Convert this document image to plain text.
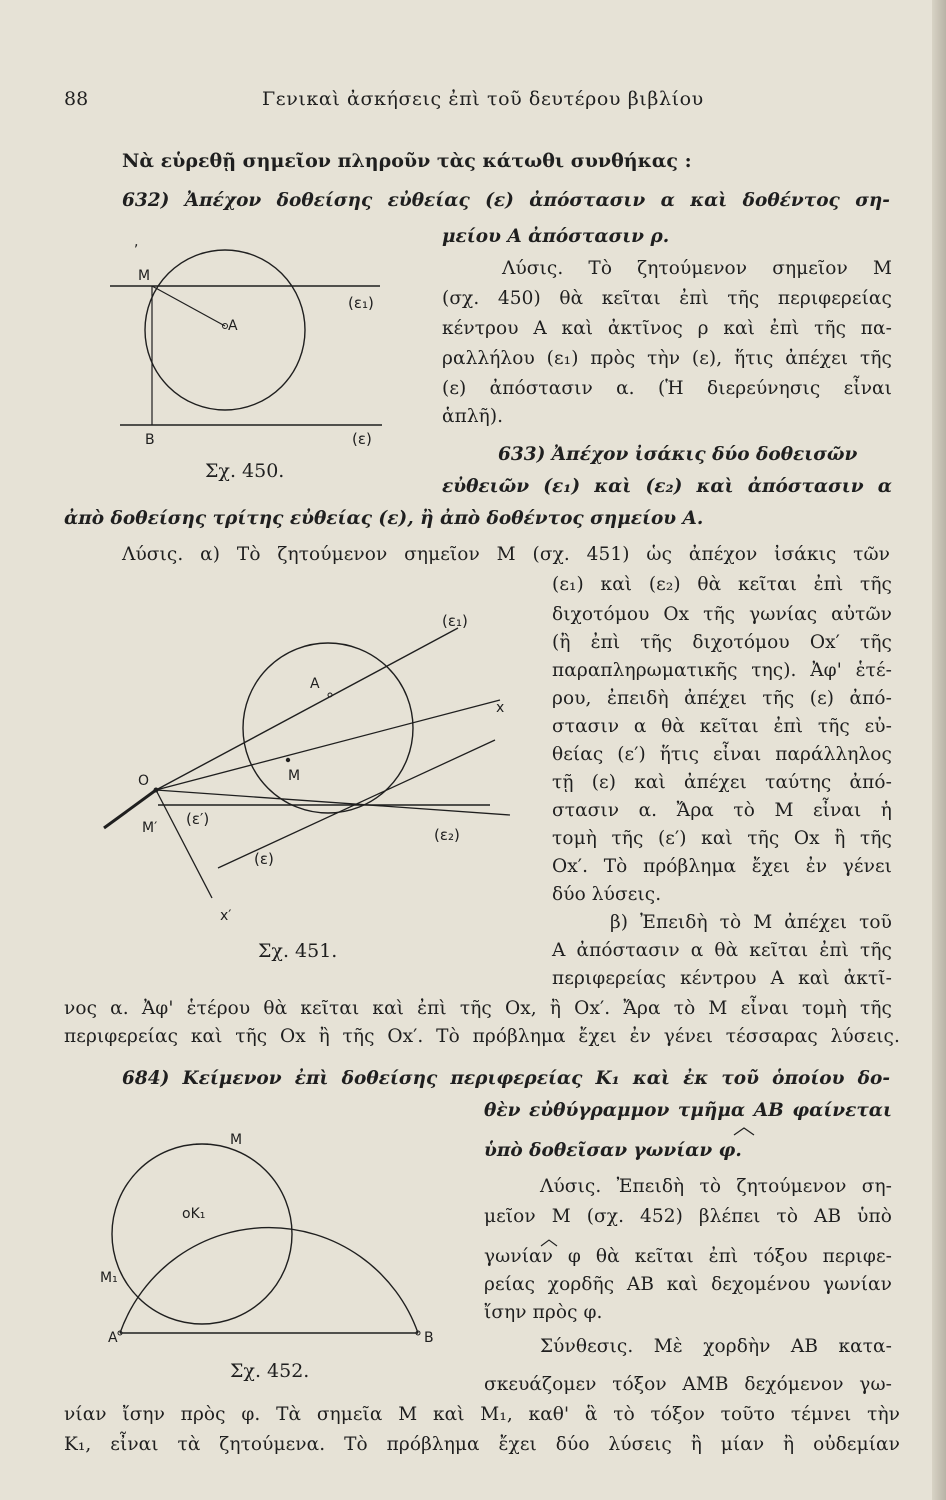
88	Γενικαὶ ἀσκήσεις ἐπὶ τοῦ δευτέρου βιβλίου
Νὰ εὑρεθῇ σημεῖον πληροῦν τὰς κάτωθι συνθήκας :
632) Ἀπέχον δοθείσης εὐθείας (ε) ἀπόστασιν α καὶ δοθέντος ση-
μείου Α ἀπόστασιν ρ.
Λύσις. Τὸ ζητούμενον σημεῖον Μ
(σχ. 450) θὰ κεῖται ἐπὶ τῆς περιφερείας
κέντρου Α καὶ ἀκτῖνος ρ καὶ ἐπὶ τῆς πα-
ραλλήλου (ε₁) πρὸς τὴν (ε), ἥτις ἀπέχει τῆς
(ε) ἀπόστασιν α. (Ἡ διερεύνησις εἶναι
ἁπλῆ).
M
,
A
B
(ε₁)
(ε)
Σχ. 450.
633) Ἀπέχον ἰσάκις δύο δοθεισῶν
εὐθειῶν (ε₁) καὶ (ε₂) καὶ ἀπόστασιν α
ἀπὸ δοθείσης τρίτης εὐθείας (ε), ἢ ἀπὸ δοθέντος σημείου Α.
Λύσις. α) Τὸ ζητούμενον σημεῖον Μ (σχ. 451) ὡς ἀπέχον ἰσάκις τῶν
(ε₁) καὶ (ε₂) θὰ κεῖται ἐπὶ τῆς
διχοτόμου Οx τῆς γωνίας αὐτῶν
(ἢ ἐπὶ τῆς διχοτόμου Οx′ τῆς
παραπληρωματικῆς της). Ἀφ' ἑτέ-
ρου, ἐπειδὴ ἀπέχει τῆς (ε) ἀπό-
στασιν α θὰ κεῖται ἐπὶ τῆς εὐ-
θείας (ε′) ἥτις εἶναι παράλληλος
τῇ (ε) καὶ ἀπέχει ταύτης ἀπό-
στασιν α. Ἄρα τὸ Μ εἶναι ἡ
τομὴ τῆς (ε′) καὶ τῆς Οx ἢ τῆς
Οx′. Τὸ πρόβλημα ἔχει ἐν γένει
δύο λύσεις.
β) Ἐπειδὴ τὸ Μ ἀπέχει τοῦ
Α ἀπόστασιν α θὰ κεῖται ἐπὶ τῆς
περιφερείας κέντρου Α καὶ ἀκτῖ-
νος α. Ἀφ' ἑτέρου θὰ κεῖται καὶ ἐπὶ τῆς Οx, ἢ Οx′. Ἄρα τὸ Μ εἶναι τομὴ τῆς
περιφερείας καὶ τῆς Οx ἢ τῆς Οx′. Τὸ πρόβλημα ἔχει ἐν γένει τέσσαρας λύσεις.
(ε₁)
A
x
O	M
M′ (ε′)
(ε₂)
(ε)
x′
Σχ. 451.
684) Κείμενον ἐπὶ δοθείσης περιφερείας Κ₁ καὶ ἐκ τοῦ ὁποίου δο-
θὲν εὐθύγραμμον τμῆμα ΑΒ φαίνεται
ὑπὸ δοθεῖσαν γωνίαν φ.
Λύσις. Ἐπειδὴ τὸ ζητούμενον ση-
μεῖον Μ (σχ. 452) βλέπει τὸ ΑΒ ὑπὸ
γωνίαν φ θὰ κεῖται ἐπὶ τόξου περιφε-
ρείας χορδῆς ΑΒ καὶ δεχομένου γωνίαν
ἴσην πρὸς φ.
Σύνθεσις. Μὲ χορδὴν ΑΒ κατα-
σκευάζομεν τόξον ΑΜΒ δεχόμενον γω-
νίαν ἴσην πρὸς φ. Τὰ σημεῖα Μ καὶ Μ₁, καθ' ἃ τὸ τόξον τοῦτο τέμνει τὴν
Κ₁, εἶναι τὰ ζητούμενα. Τὸ πρόβλημα ἔχει δύο λύσεις ἢ μίαν ἢ οὐδεμίαν
M
οK₁
M₁
A	B
Σχ. 452.
